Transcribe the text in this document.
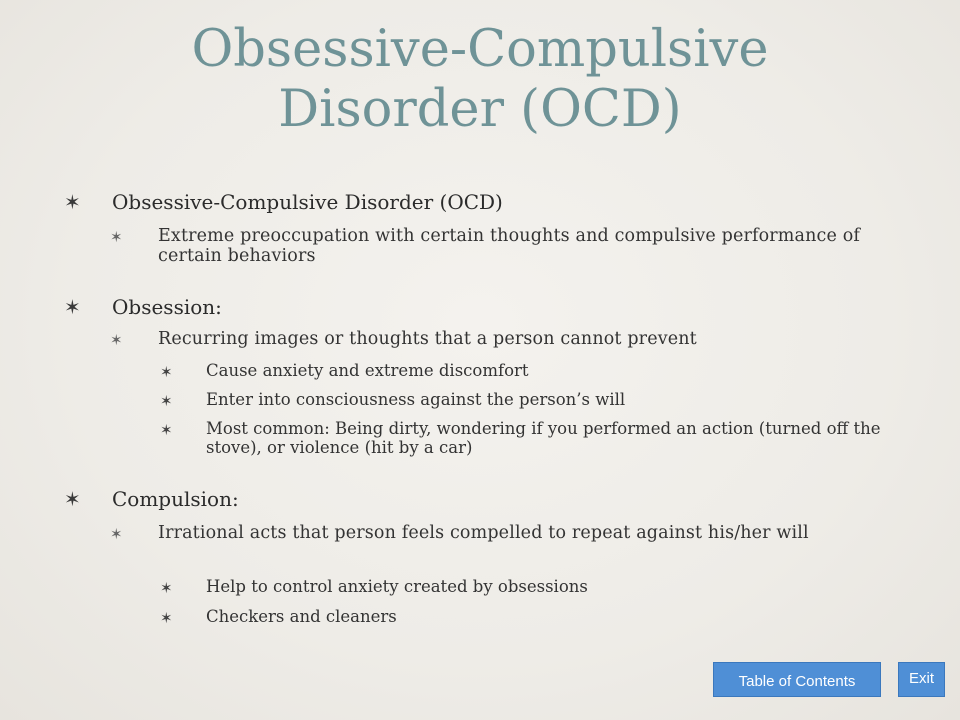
Obsessive-Compulsive
Disorder (OCD)
✶	Obsessive-Compulsive Disorder (OCD)
✶	Extreme preoccupation with certain thoughts and compulsive performance of certain behaviors
✶	Obsession:
✶	Recurring images or thoughts that a person cannot prevent
✶	Cause anxiety and extreme discomfort
✶	Enter into consciousness against the person’s will
✶	Most common: Being dirty, wondering if you performed an action (turned off the stove), or violence (hit by a car)
✶	Compulsion:
✶	Irrational acts that person feels compelled to repeat against his/her will
✶	Help to control anxiety created by obsessions
✶	Checkers and cleaners
Table of Contents	Exit
